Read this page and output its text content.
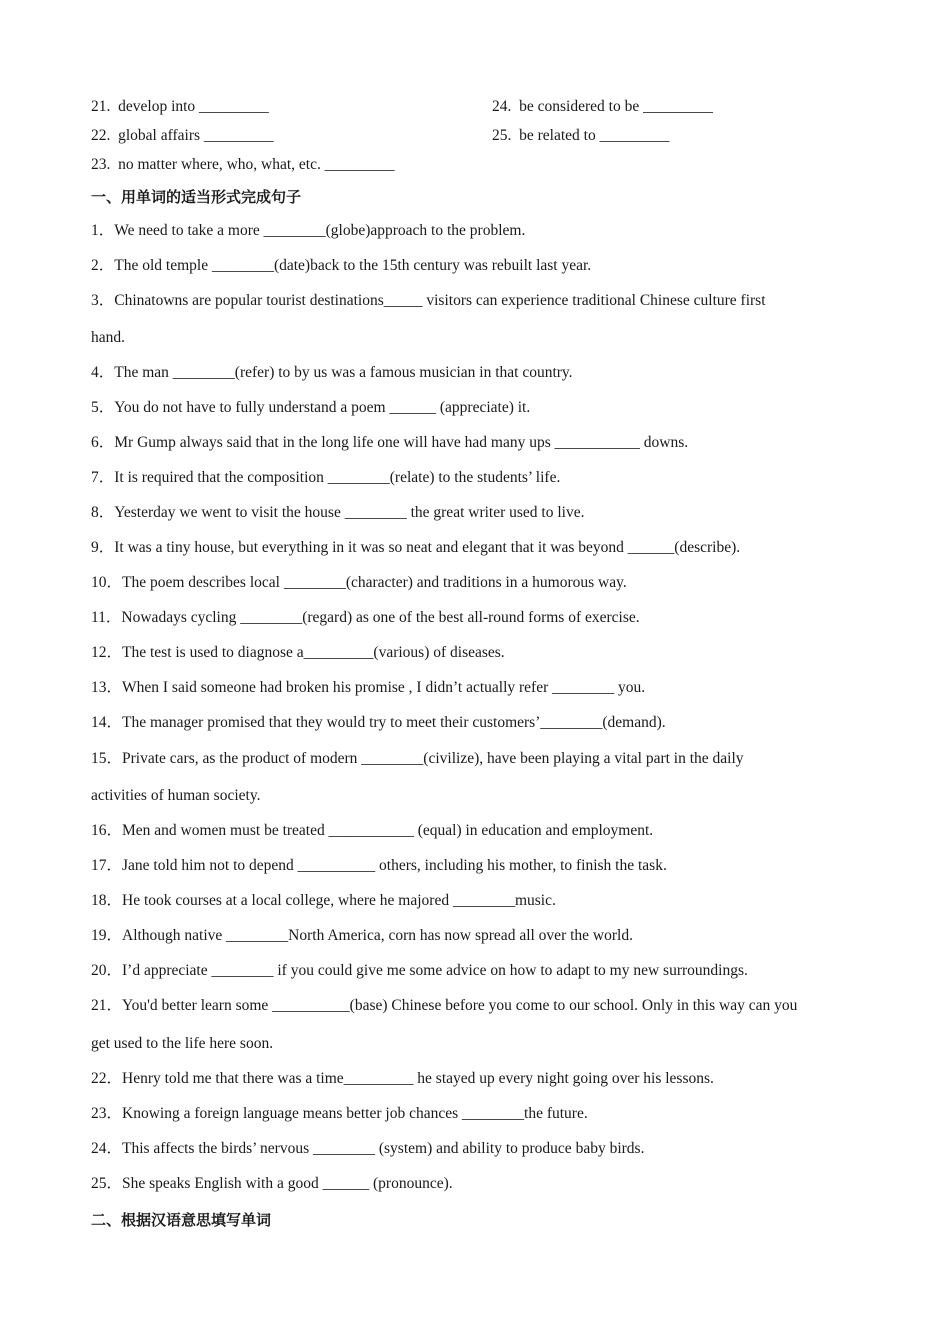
21.  develop into _________	24.  be considered to be _________
22.  global affairs _________	25.  be related to _________
23.  no matter where, who, what, etc. _________
一、用单词的适当形式完成句子
1．We need to take a more ________(globe)approach to the problem.
2．The old temple ________(date)back to the 15th century was rebuilt last year.
3．Chinatowns are popular tourist destinations_____ visitors can experience traditional Chinese culture first
hand.
4．The man ________(refer) to by us was a famous musician in that country.
5．You do not have to fully understand a poem ______ (appreciate) it.
6．Mr Gump always said that in the long life one will have had many ups ___________ downs.
7．It is required that the composition ________(relate) to the students’ life.
8．Yesterday we went to visit the house ________ the great writer used to live.
9．It was a tiny house, but everything in it was so neat and elegant that it was beyond ______(describe).
10．The poem describes local ________(character) and traditions in a humorous way.
11．Nowadays cycling ________(regard) as one of the best all-round forms of exercise.
12．The test is used to diagnose a_________(various) of diseases.
13．When I said someone had broken his promise , I didn’t actually refer ________ you.
14．The manager promised that they would try to meet their customers’________(demand).
15．Private cars, as the product of modern ________(civilize), have been playing a vital part in the daily
activities of human society.
16．Men and women must be treated ___________ (equal) in education and employment.
17．Jane told him not to depend __________ others, including his mother, to finish the task.
18．He took courses at a local college, where he majored ________music.
19．Although native ________North America, corn has now spread all over the world.
20．I’d appreciate ________ if you could give me some advice on how to adapt to my new surroundings.
21．You'd better learn some __________(base) Chinese before you come to our school. Only in this way can you
get used to the life here soon.
22．Henry told me that there was a time_________ he stayed up every night going over his lessons.
23．Knowing a foreign language means better job chances ________the future.
24．This affects the birds’ nervous ________ (system) and ability to produce baby birds.
25．She speaks English with a good ______ (pronounce).
二、根据汉语意思填写单词
